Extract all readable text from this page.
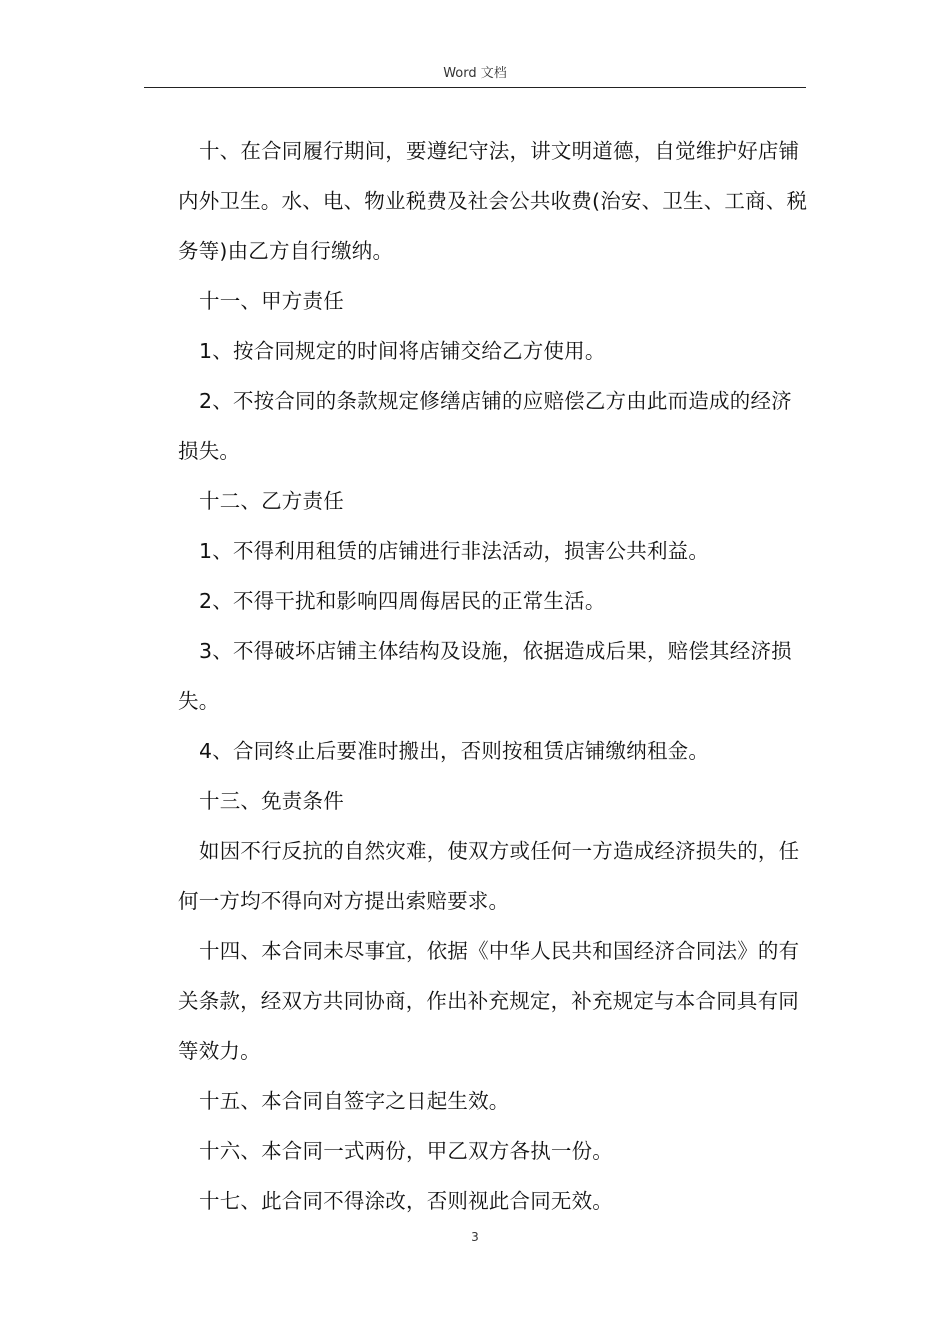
Word 文档

十、在合同履行期间，要遵纪守法，讲文明道德，自觉维护好店铺内外卫生。水、电、物业税费及社会公共收费(治安、卫生、工商、税务等)由乙方自行缴纳。

十一、甲方责任

1、按合同规定的时间将店铺交给乙方使用。

2、不按合同的条款规定修缮店铺的应赔偿乙方由此而造成的经济损失。

十二、乙方责任

1、不得利用租赁的店铺进行非法活动，损害公共利益。

2、不得干扰和影响四周侮居民的正常生活。

3、不得破坏店铺主体结构及设施，依据造成后果，赔偿其经济损失。

4、合同终止后要准时搬出，否则按租赁店铺缴纳租金。

十三、免责条件

如因不行反抗的自然灾难，使双方或任何一方造成经济损失的，任何一方均不得向对方提出索赔要求。

十四、本合同未尽事宜，依据《中华人民共和国经济合同法》的有关条款，经双方共同协商，作出补充规定，补充规定与本合同具有同等效力。

十五、本合同自签字之日起生效。

十六、本合同一式两份，甲乙双方各执一份。

十七、此合同不得涂改，否则视此合同无效。

3
